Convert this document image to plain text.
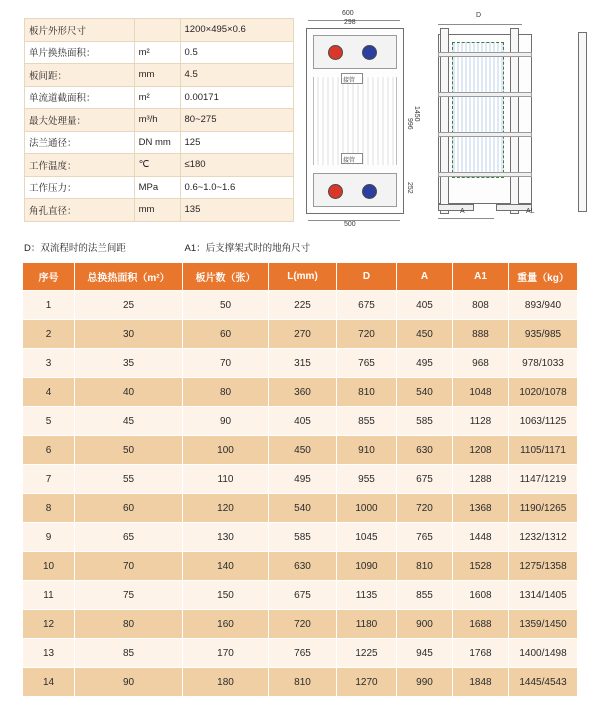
板片外形尺寸		1200×495×0.6
单片换热面积：	m²	0.5
板间距：	mm	4.5
单流道截面积：	m²	0.00171
最大处理量：	m³/h	80~275
法兰通径：	DN mm	125
工作温度：	℃	≤180
工作压力：	MPa	0.6~1.0~1.6
角孔直径：	mm	135
600
298
接管
接管
996
1450
252
500
D
A	AL
D：双流程时的法兰间距	A1：后支撑架式时的地角尺寸
序号	总换热面积（m²）	板片数（张）	L(mm)	D	A	A1	重量（kg）
1	25	50	225	675	405	808	893/940
2	30	60	270	720	450	888	935/985
3	35	70	315	765	495	968	978/1033
4	40	80	360	810	540	1048	1020/1078
5	45	90	405	855	585	1128	1063/1125
6	50	100	450	910	630	1208	1105/1171
7	55	110	495	955	675	1288	1147/1219
8	60	120	540	1000	720	1368	1190/1265
9	65	130	585	1045	765	1448	1232/1312
10	70	140	630	1090	810	1528	1275/1358
11	75	150	675	1135	855	1608	1314/1405
12	80	160	720	1180	900	1688	1359/1450
13	85	170	765	1225	945	1768	1400/1498
14	90	180	810	1270	990	1848	1445/4543
